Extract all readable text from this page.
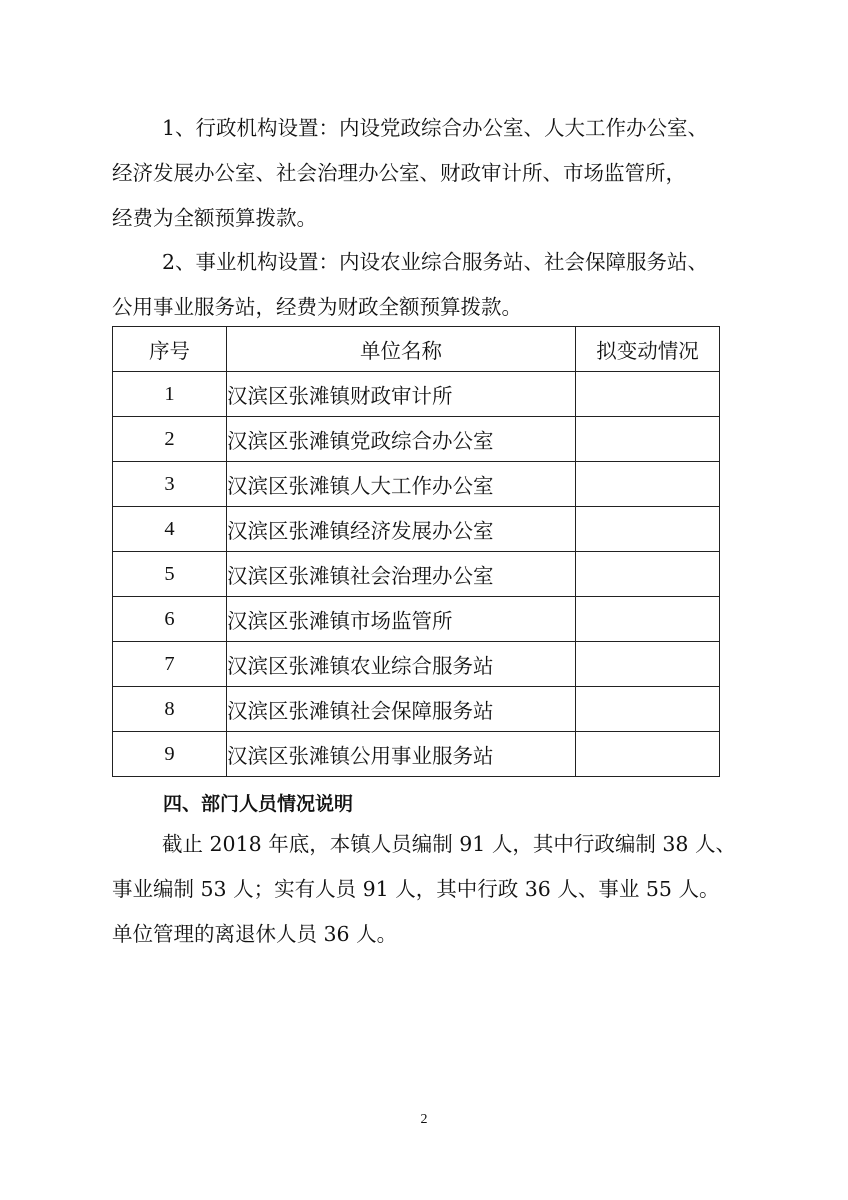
1、行政机构设置：内设党政综合办公室、人大工作办公室、
经济发展办公室、社会治理办公室、财政审计所、市场监管所，
经费为全额预算拨款。

2、事业机构设置：内设农业综合服务站、社会保障服务站、
公用事业服务站，经费为财政全额预算拨款。

序号	单位名称	拟变动情况
1	汉滨区张滩镇财政审计所	
2	汉滨区张滩镇党政综合办公室	
3	汉滨区张滩镇人大工作办公室	
4	汉滨区张滩镇经济发展办公室	
5	汉滨区张滩镇社会治理办公室	
6	汉滨区张滩镇市场监管所	
7	汉滨区张滩镇农业综合服务站	
8	汉滨区张滩镇社会保障服务站	
9	汉滨区张滩镇公用事业服务站	
四、部门人员情况说明

截止 2018 年底，本镇人员编制 91 人，其中行政编制 38 人、
事业编制 53 人；实有人员 91 人，其中行政 36 人、事业 55 人。
单位管理的离退休人员 36 人。

2
